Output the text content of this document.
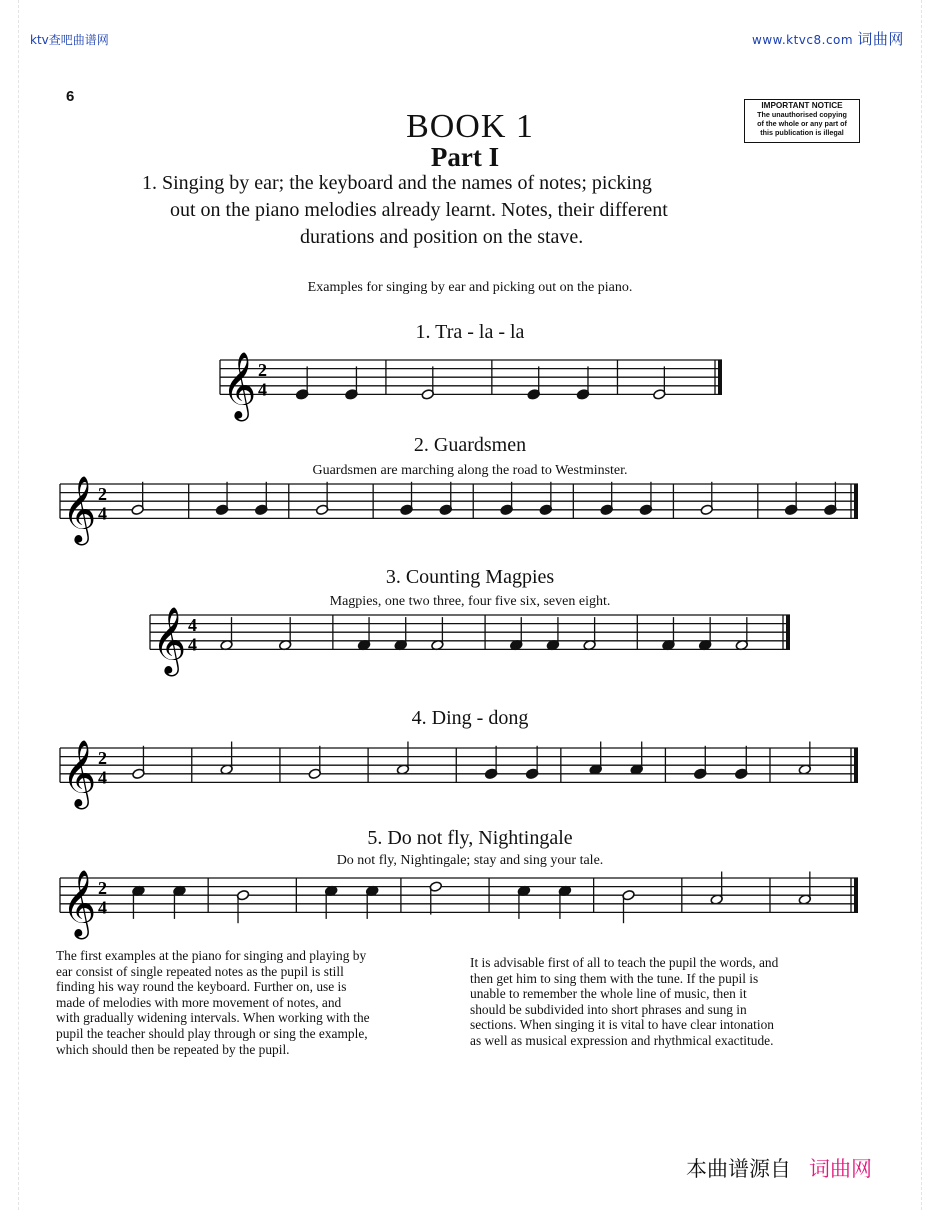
ktv查吧曲谱网	www.ktvc8.com 词曲网
6
IMPORTANT NOTICE
The unauthorised copying
of the whole or any part of
this publication is illegal
BOOK 1
Part I
1. Singing by ear; the keyboard and the names of notes; picking
out on the piano melodies already learnt. Notes, their different
durations and position on the stave.
Examples for singing by ear and picking out on the piano.
1. Tra - la - la
𝄞 2
4
2. Guardsmen
Guardsmen are marching along the road to Westminster.
𝄞 2
4
3. Counting Magpies
Magpies, one two three, four five six, seven eight.
𝄞 4
4
4. Ding - dong
𝄞 2
4
5. Do not fly, Nightingale
Do not fly, Nightingale; stay and sing your tale.
𝄞 2
4
The first examples at the piano for singing and playing by
ear consist of single repeated notes as the pupil is still
finding his way round the keyboard. Further on, use is
made of melodies with more movement of notes, and
with gradually widening intervals. When working with the
pupil the teacher should play through or sing the example,
which should then be repeated by the pupil.
It is advisable first of all to teach the pupil the words, and
then get him to sing them with the tune. If the pupil is
unable to remember the whole line of music, then it
should be subdivided into short phrases and sung in
sections. When singing it is vital to have clear intonation
as well as musical expression and rhythmical exactitude.
本曲谱源自 词曲网
